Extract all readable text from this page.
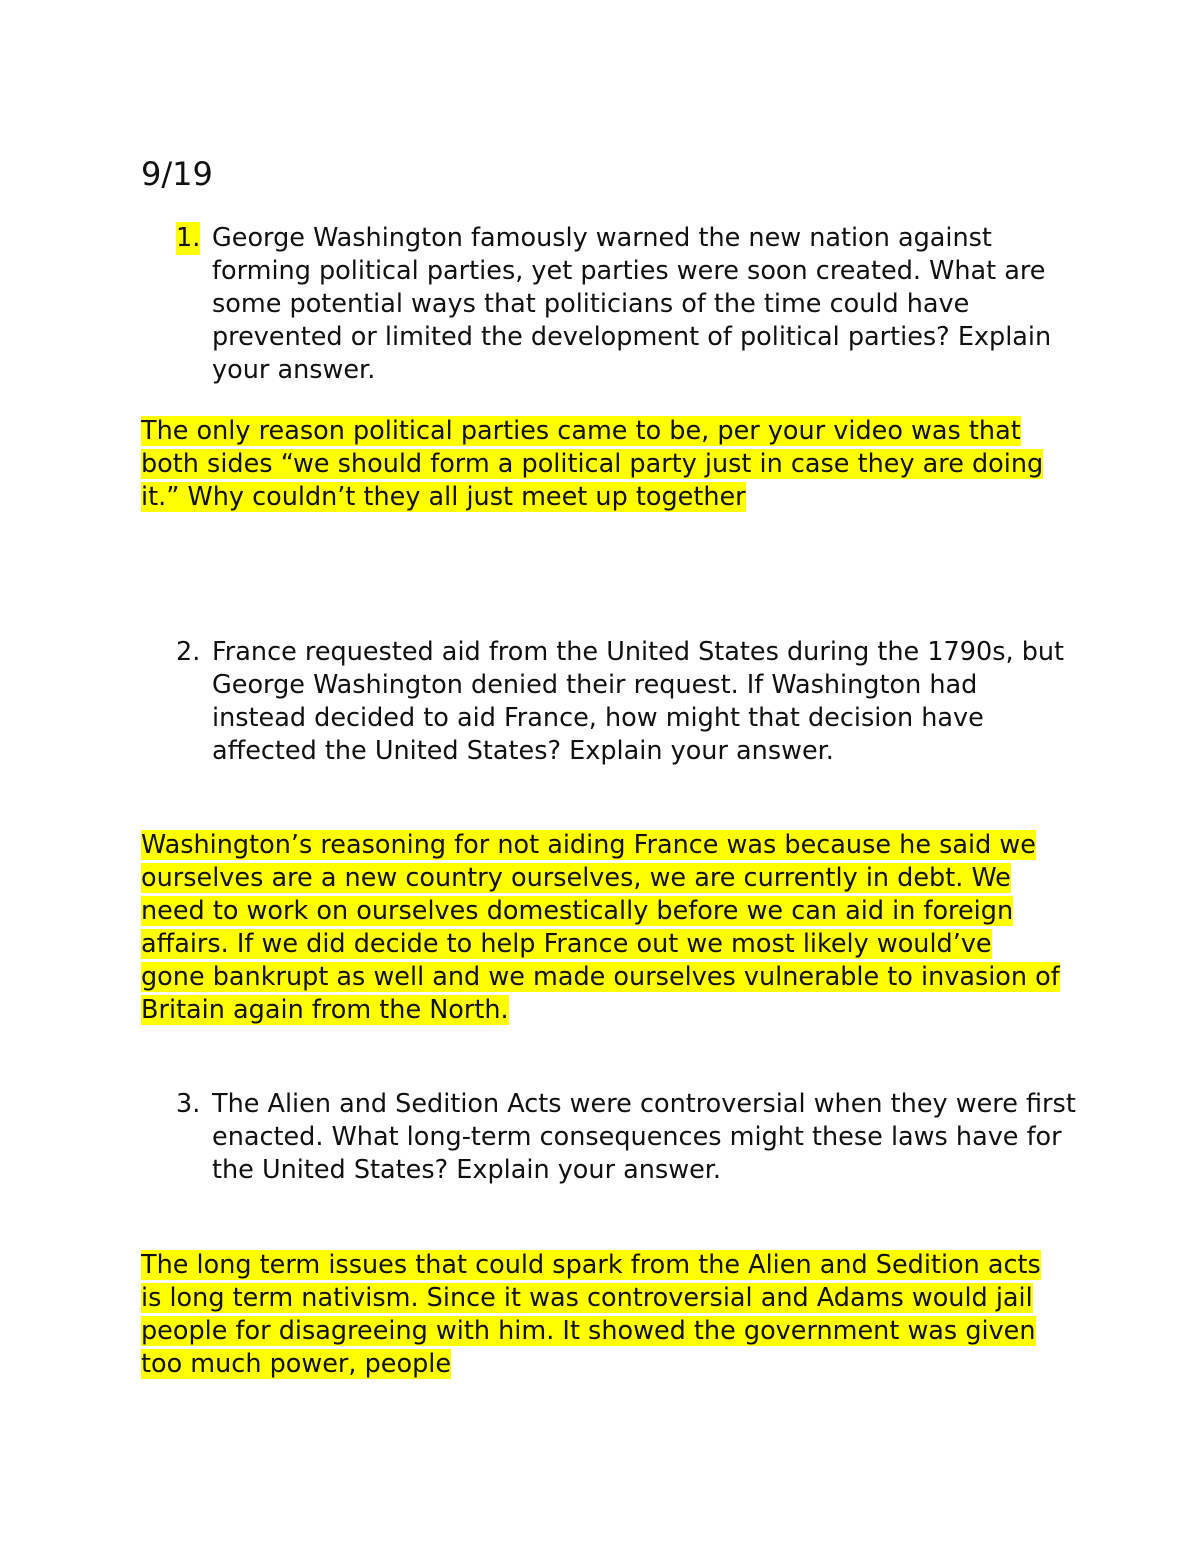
9/19
1. George Washington famously warned the new nation against forming political parties, yet parties were soon created. What are some potential ways that politicians of the time could have prevented or limited the development of political parties? Explain your answer.
The only reason political parties came to be, per your video was that both sides “we should form a political party just in case they are doing it.” Why couldn’t they all just meet up together
2. France requested aid from the United States during the 1790s, but George Washington denied their request. If Washington had instead decided to aid France, how might that decision have affected the United States? Explain your answer.
Washington’s reasoning for not aiding France was because he said we ourselves are a new country ourselves, we are currently in debt. We need to work on ourselves domestically before we can aid in foreign affairs. If we did decide to help France out we most likely would’ve gone bankrupt as well and we made ourselves vulnerable to invasion of Britain again from the North.
3. The Alien and Sedition Acts were controversial when they were first enacted. What long-term consequences might these laws have for the United States? Explain your answer.
The long term issues that could spark from the Alien and Sedition acts is long term nativism. Since it was controversial and Adams would jail people for disagreeing with him. It showed the government was given too much power, people
